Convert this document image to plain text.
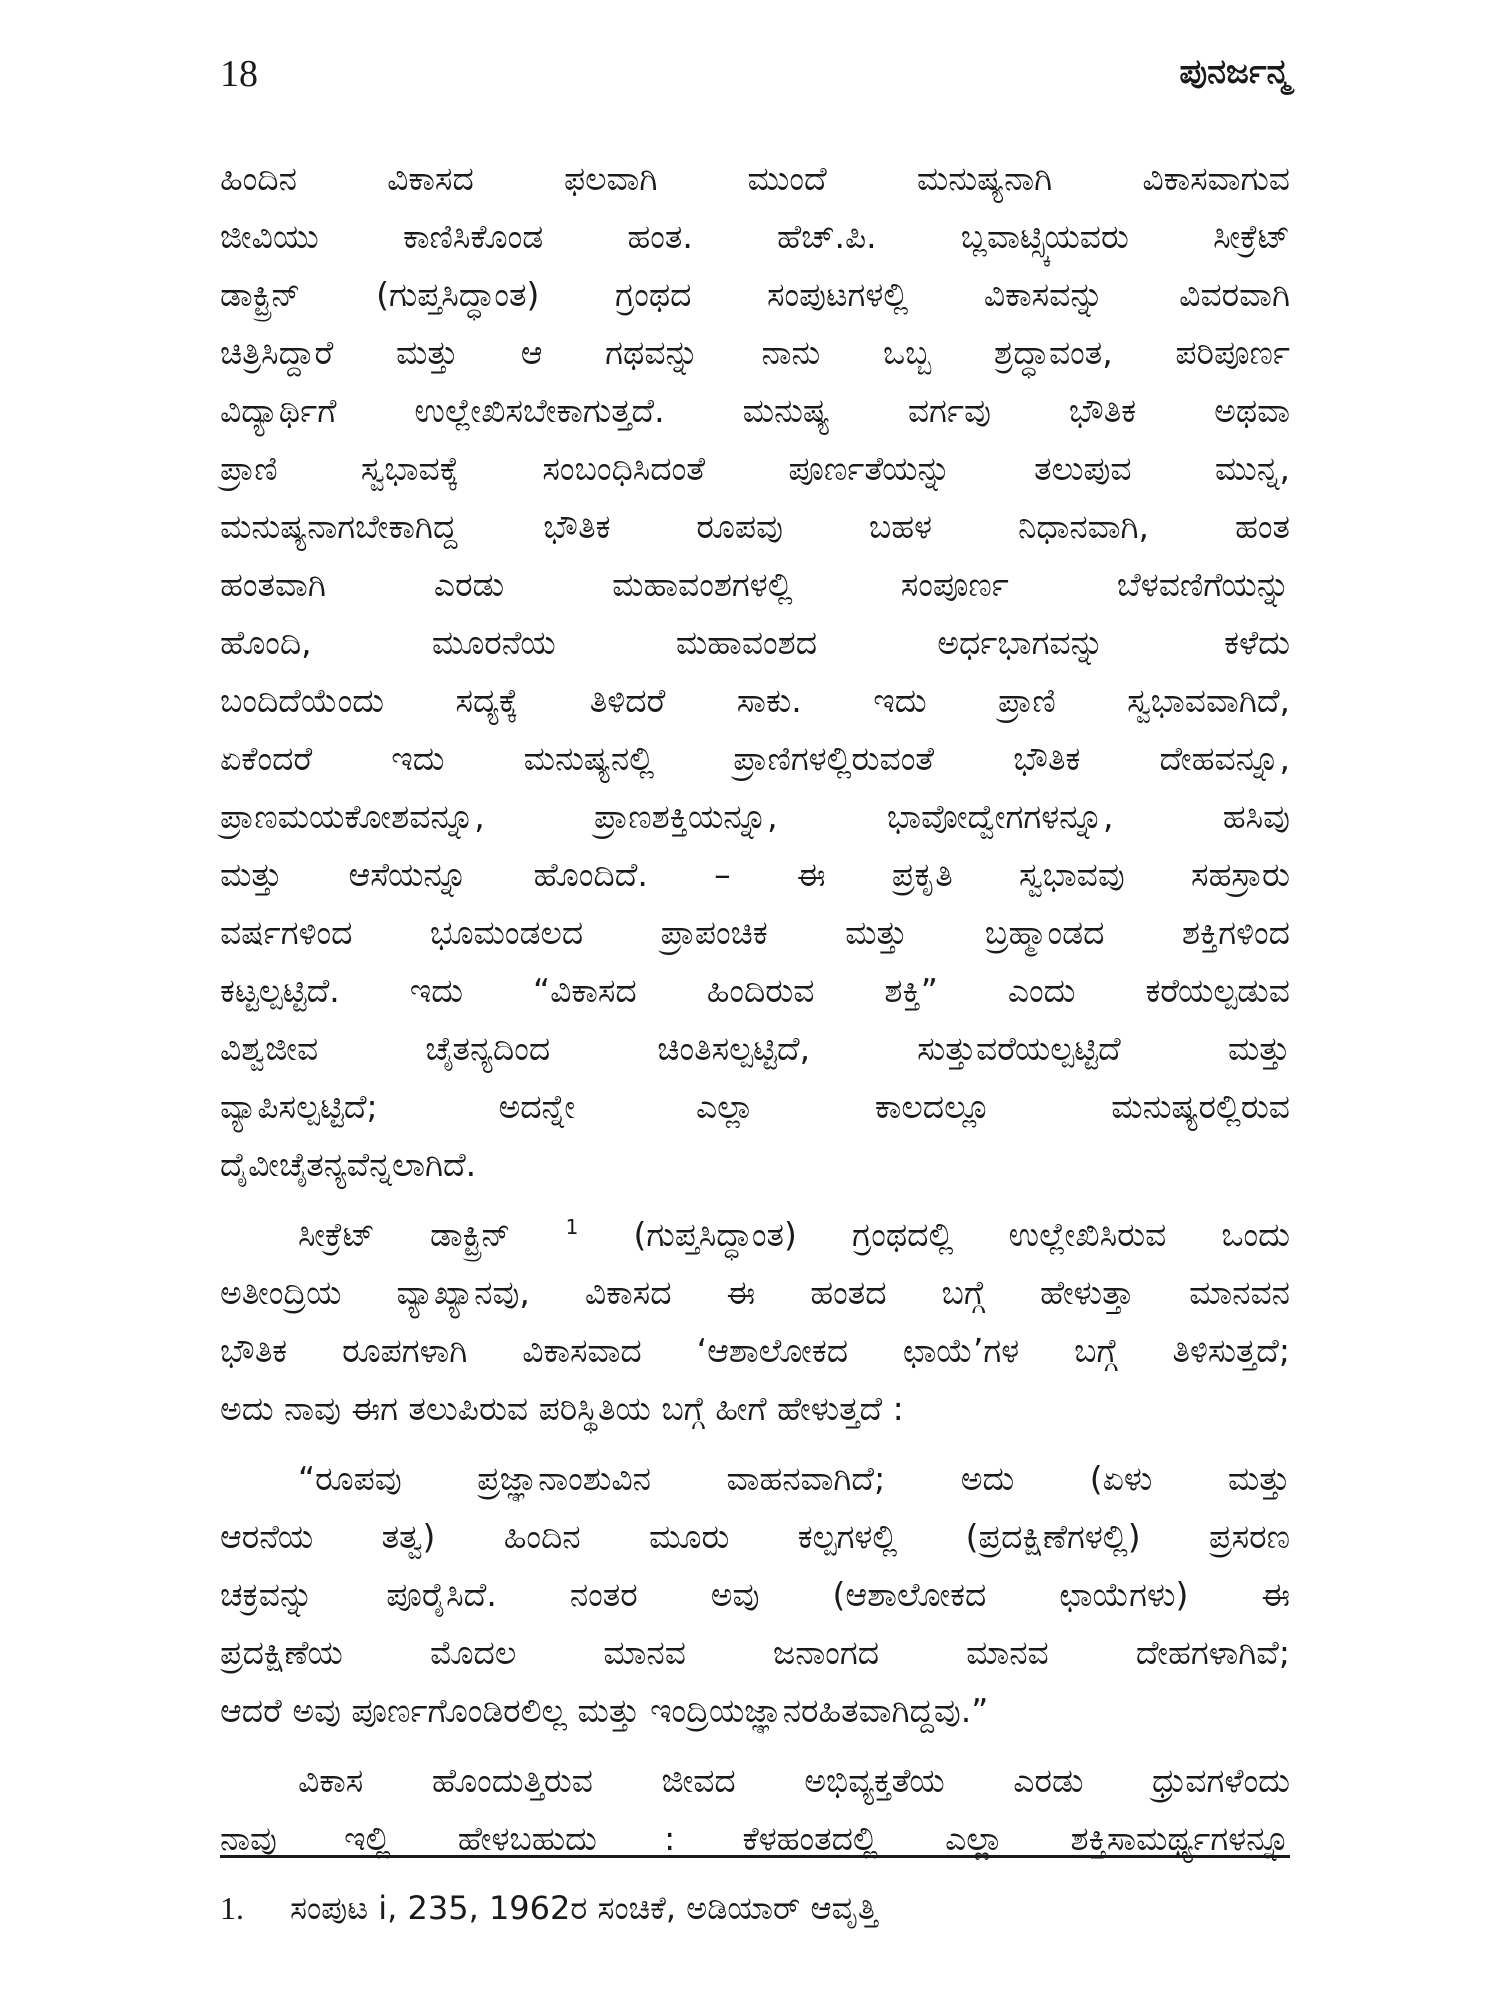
18	ಪುನರ್ಜನ್ಮ
ಹಿಂದಿನ ವಿಕಾಸದ ಫಲವಾಗಿ ಮುಂದೆ ಮನುಷ್ಯನಾಗಿ ವಿಕಾಸವಾಗುವ
ಜೀವಿಯು ಕಾಣಿಸಿಕೊಂಡ ಹಂತ. ಹೆಚ್.ಪಿ. ಬ್ಲವಾಟ್ಸ್ಕಿಯವರು ಸೀಕ್ರೆಟ್
ಡಾಕ್ಟ್ರಿನ್ (ಗುಪ್ತಸಿದ್ಧಾಂತ) ಗ್ರಂಥದ ಸಂಪುಟಗಳಲ್ಲಿ ವಿಕಾಸವನ್ನು ವಿವರವಾಗಿ
ಚಿತ್ರಿಸಿದ್ದಾರೆ ಮತ್ತು ಆ ಗಥವನ್ನು ನಾನು ಒಬ್ಬ ಶ್ರದ್ಧಾವಂತ, ಪರಿಪೂರ್ಣ
ವಿದ್ಯಾರ್ಥಿಗೆ ಉಲ್ಲೇಖಿಸಬೇಕಾಗುತ್ತದೆ. ಮನುಷ್ಯ ವರ್ಗವು ಭೌತಿಕ ಅಥವಾ
ಪ್ರಾಣಿ ಸ್ವಭಾವಕ್ಕೆ ಸಂಬಂಧಿಸಿದಂತೆ ಪೂರ್ಣತೆಯನ್ನು ತಲುಪುವ ಮುನ್ನ,
ಮನುಷ್ಯನಾಗಬೇಕಾಗಿದ್ದ ಭೌತಿಕ ರೂಪವು ಬಹಳ ನಿಧಾನವಾಗಿ, ಹಂತ
ಹಂತವಾಗಿ ಎರಡು ಮಹಾವಂಶಗಳಲ್ಲಿ ಸಂಪೂರ್ಣ ಬೆಳವಣಿಗೆಯನ್ನು
ಹೊಂದಿ, ಮೂರನೆಯ ಮಹಾವಂಶದ ಅರ್ಧಭಾಗವನ್ನು ಕಳೆದು
ಬಂದಿದೆಯೆಂದು ಸದ್ಯಕ್ಕೆ ತಿಳಿದರೆ ಸಾಕು. ಇದು ಪ್ರಾಣಿ ಸ್ವಭಾವವಾಗಿದೆ,
ಏಕೆಂದರೆ ಇದು ಮನುಷ್ಯನಲ್ಲಿ ಪ್ರಾಣಿಗಳಲ್ಲಿರುವಂತೆ ಭೌತಿಕ ದೇಹವನ್ನೂ,
ಪ್ರಾಣಮಯಕೋಶವನ್ನೂ, ಪ್ರಾಣಶಕ್ತಿಯನ್ನೂ, ಭಾವೋದ್ವೇಗಗಳನ್ನೂ, ಹಸಿವು
ಮತ್ತು ಆಸೆಯನ್ನೂ ಹೊಂದಿದೆ. – ಈ ಪ್ರಕೃತಿ ಸ್ವಭಾವವು ಸಹಸ್ರಾರು
ವರ್ಷಗಳಿಂದ ಭೂಮಂಡಲದ ಪ್ರಾಪಂಚಿಕ ಮತ್ತು ಬ್ರಹ್ಮಾಂಡದ ಶಕ್ತಿಗಳಿಂದ
ಕಟ್ಟಲ್ಪಟ್ಟಿದೆ. ಇದು “ವಿಕಾಸದ ಹಿಂದಿರುವ ಶಕ್ತಿ” ಎಂದು ಕರೆಯಲ್ಪಡುವ
ವಿಶ್ವಜೀವ ಚೈತನ್ಯದಿಂದ ಚಿಂತಿಸಲ್ಪಟ್ಟಿದೆ, ಸುತ್ತುವರೆಯಲ್ಪಟ್ಟಿದೆ ಮತ್ತು
ವ್ಯಾಪಿಸಲ್ಪಟ್ಟಿದೆ; ಅದನ್ನೇ ಎಲ್ಲಾ ಕಾಲದಲ್ಲೂ ಮನುಷ್ಯರಲ್ಲಿರುವ
ದೈವೀಚೈತನ್ಯವೆನ್ನಲಾಗಿದೆ.
ಸೀಕ್ರೆಟ್ ಡಾಕ್ಟ್ರಿನ್	$^1$ (ಗುಪ್ತಸಿದ್ಧಾಂತ) ಗ್ರಂಥದಲ್ಲಿ ಉಲ್ಲೇಖಿಸಿರುವ ಒಂದು
ಅತೀಂದ್ರಿಯ ವ್ಯಾಖ್ಯಾನವು, ವಿಕಾಸದ ಈ ಹಂತದ ಬಗ್ಗೆ ಹೇಳುತ್ತಾ ಮಾನವನ
ಭೌತಿಕ ರೂಪಗಳಾಗಿ ವಿಕಾಸವಾದ ‘ಆಶಾಲೋಕದ ಛಾಯೆ’ಗಳ ಬಗ್ಗೆ ತಿಳಿಸುತ್ತದೆ;
ಅದು ನಾವು ಈಗ ತಲುಪಿರುವ ಪರಿಸ್ಥಿತಿಯ ಬಗ್ಗೆ ಹೀಗೆ ಹೇಳುತ್ತದೆ :
“ರೂಪವು ಪ್ರಜ್ಞಾನಾಂಶುವಿನ ವಾಹನವಾಗಿದೆ; ಅದು (ಏಳು ಮತ್ತು
ಆರನೆಯ ತತ್ವ) ಹಿಂದಿನ ಮೂರು ಕಲ್ಪಗಳಲ್ಲಿ (ಪ್ರದಕ್ಷಿಣೆಗಳಲ್ಲಿ) ಪ್ರಸರಣ
ಚಕ್ರವನ್ನು ಪೂರೈಸಿದೆ. ನಂತರ ಅವು (ಆಶಾಲೋಕದ ಛಾಯೆಗಳು) ಈ
ಪ್ರದಕ್ಷಿಣೆಯ ಮೊದಲ ಮಾನವ ಜನಾಂಗದ ಮಾನವ ದೇಹಗಳಾಗಿವೆ;
ಆದರೆ ಅವು ಪೂರ್ಣಗೊಂಡಿರಲಿಲ್ಲ ಮತ್ತು ಇಂದ್ರಿಯಜ್ಞಾನರಹಿತವಾಗಿದ್ದವು.”
ವಿಕಾಸ ಹೊಂದುತ್ತಿರುವ ಜೀವದ ಅಭಿವ್ಯಕ್ತತೆಯ ಎರಡು ಧ್ರುವಗಳೆಂದು
ನಾವು ಇಲ್ಲಿ ಹೇಳಬಹುದು : ಕೆಳಹಂತದಲ್ಲಿ ಎಲ್ಲಾ ಶಕ್ತಿಸಾಮರ್ಥ್ಯಗಳನ್ನೂ
1. ಸಂಪುಟ i, 235, 1962ರ ಸಂಚಿಕೆ, ಅಡಿಯಾರ್ ಆವೃತ್ತಿ
